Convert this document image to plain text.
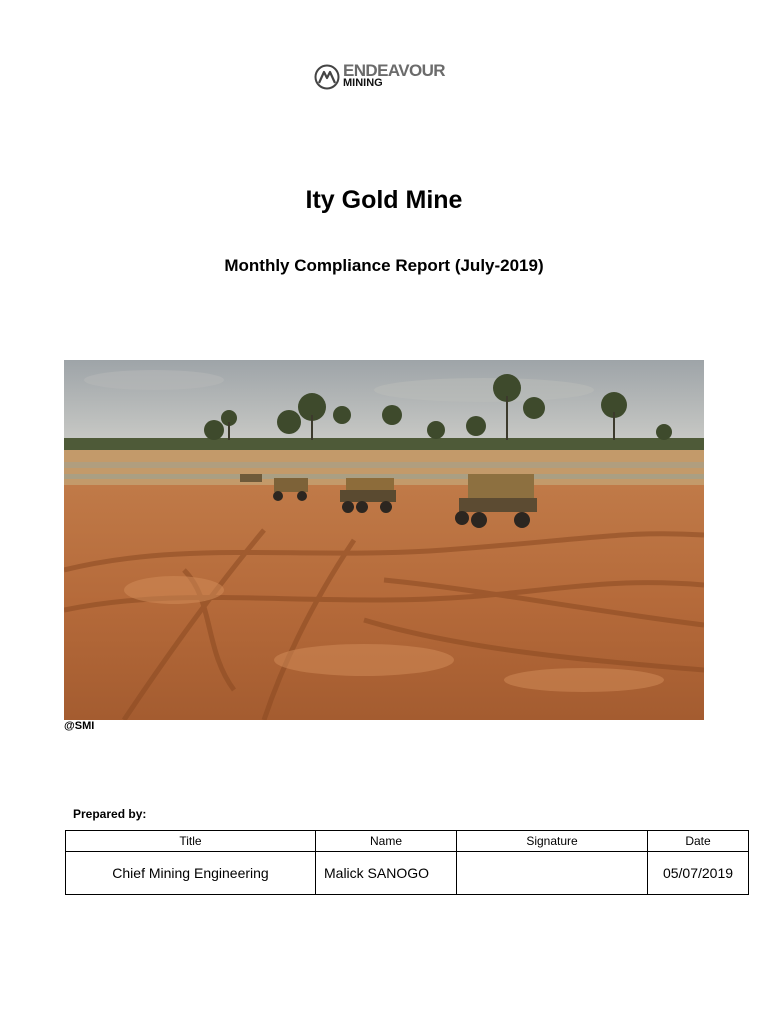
ENDEAVOUR
MINING
Ity Gold Mine
Monthly Compliance Report (July-2019)
@SMI
Prepared by:
Title	Name	Signature	Date
Chief Mining Engineering	Malick SANOGO		05/07/2019
